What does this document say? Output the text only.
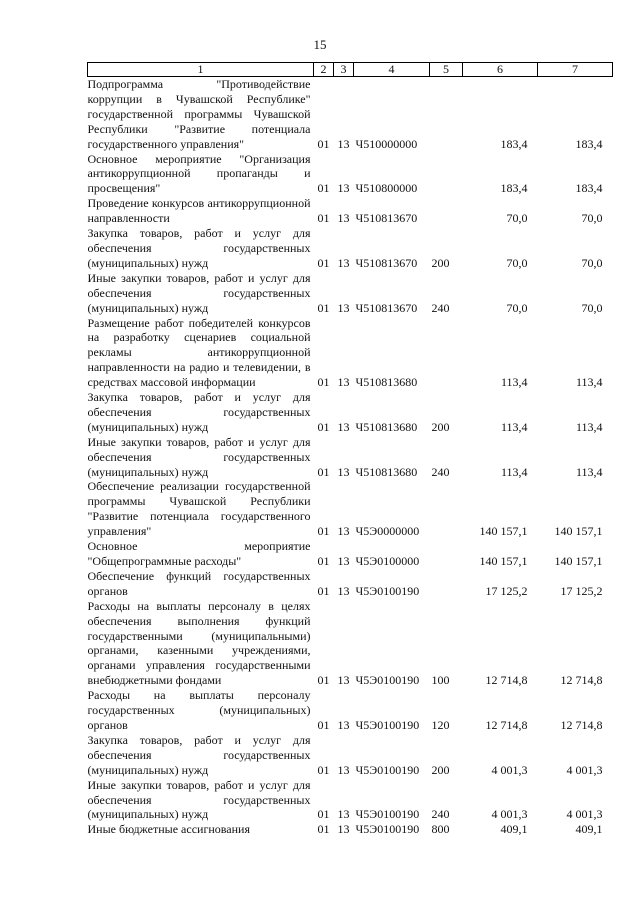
15
1	2	3	4	5	6	7
Подпрограмма "Противодействие коррупции в Чувашской Республике" государственной программы Чувашской Республики "Развитие потенциала государственного управления"	01	13	Ч510000000		183,4	183,4
Основное мероприятие "Организация антикоррупционной пропаганды и просвещения"	01	13	Ч510800000		183,4	183,4
Проведение конкурсов антикоррупционной направленности	01	13	Ч510813670		70,0	70,0
Закупка товаров, работ и услуг для обеспечения государственных (муниципальных) нужд	01	13	Ч510813670	200	70,0	70,0
Иные закупки товаров, работ и услуг для обеспечения государственных (муниципальных) нужд	01	13	Ч510813670	240	70,0	70,0
Размещение работ победителей конкурсов на разработку сценариев социальной рекламы антикоррупционной направленности на радио и телевидении, в средствах массовой информации	01	13	Ч510813680		113,4	113,4
Закупка товаров, работ и услуг для обеспечения государственных (муниципальных) нужд	01	13	Ч510813680	200	113,4	113,4
Иные закупки товаров, работ и услуг для обеспечения государственных (муниципальных) нужд	01	13	Ч510813680	240	113,4	113,4
Обеспечение реализации государственной программы Чувашской Республики "Развитие потенциала государственного управления"	01	13	Ч5Э0000000		140 157,1	140 157,1
Основное мероприятие "Общепрограммные расходы"	01	13	Ч5Э0100000		140 157,1	140 157,1
Обеспечение функций государственных органов	01	13	Ч5Э0100190		17 125,2	17 125,2
Расходы на выплаты персоналу в целях обеспечения выполнения функций государственными (муниципальными) органами, казенными учреждениями, органами управления государственными внебюджетными фондами	01	13	Ч5Э0100190	100	12 714,8	12 714,8
Расходы на выплаты персоналу государственных (муниципальных) органов	01	13	Ч5Э0100190	120	12 714,8	12 714,8
Закупка товаров, работ и услуг для обеспечения государственных (муниципальных) нужд	01	13	Ч5Э0100190	200	4 001,3	4 001,3
Иные закупки товаров, работ и услуг для обеспечения государственных (муниципальных) нужд	01	13	Ч5Э0100190	240	4 001,3	4 001,3
Иные бюджетные ассигнования	01	13	Ч5Э0100190	800	409,1	409,1
